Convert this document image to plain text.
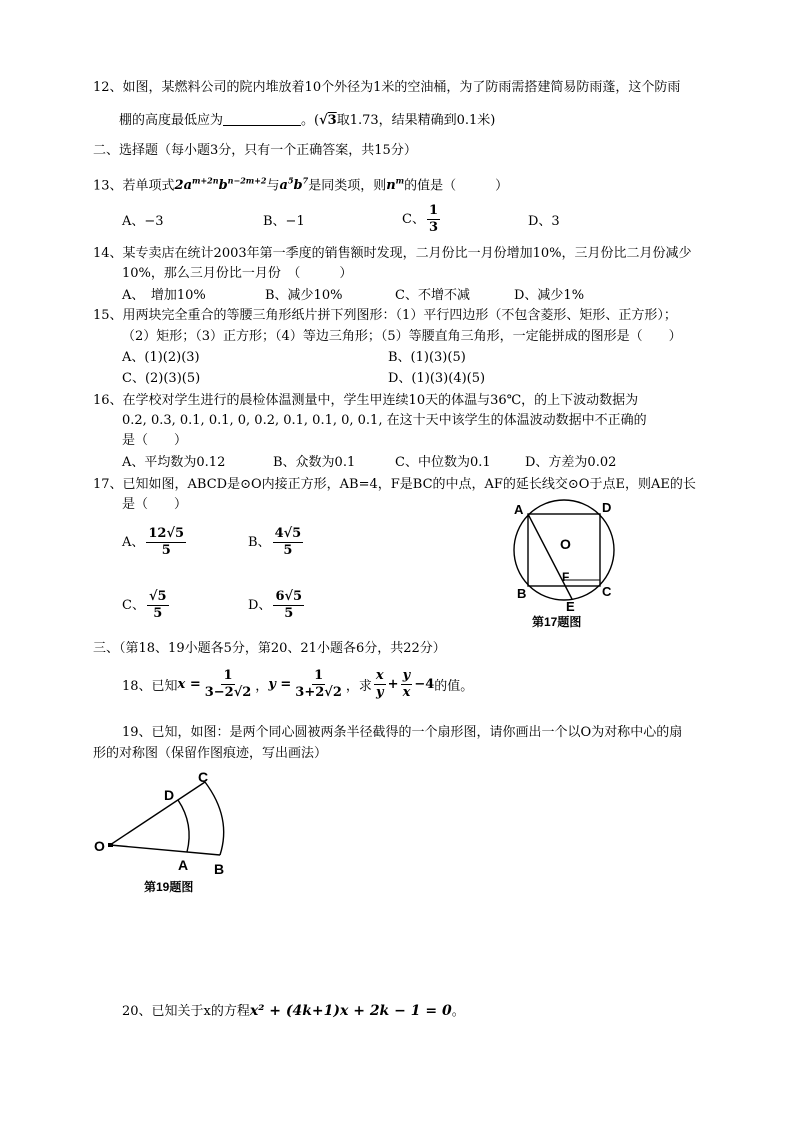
12、如图，某燃料公司的院内堆放着10个外径为1米的空油桶，为了防雨需搭建简易防雨蓬，这个防雨
棚的高度最低应为	。(√3取1.73，结果精确到0.1米)
二、选择题（每小题3分，只有一个正确答案，共15分）
13、若单项式$2a^{m+2n}b^{n-2m+2}$与$a^5b^7$是同类项，则$n^m$的值是（　　　）
A、−3	B、−1	C、 $\frac{1}{3}$	D、3
14、某专卖店在统计2003年第一季度的销售额时发现，二月份比一月份增加10%，三月份比二月份减少
10%，那么三月份比一月份　（　　　）
A、　增加10%	B、减少10%	C、不增不减	D、减少1%
15、用两块完全重合的等腰三角形纸片拼下列图形：（1）平行四边形（不包含菱形、矩形、正方形）；
（2）矩形；（3）正方形；（4）等边三角形；（5）等腰直角三角形，一定能拼成的图形是（　　）
A、(1)(2)(3)	B、(1)(3)(5)
C、(2)(3)(5)	D、(1)(3)(4)(5)
16、在学校对学生进行的晨检体温测量中，学生甲连续10天的体温与36℃，的上下波动数据为
0.2, 0.3, 0.1, 0.1, 0, 0.2, 0.1, 0.1, 0, 0.1, 在这十天中该学生的体温波动数据中不正确的
是（　　）
A、平均数为0.12	B、众数为0.1	C、中位数为0.1	D、方差为0.02
17、已知如图，ABCD是⊙O内接正方形，AB=4，F是BC的中点，AF的延长线交⊙O于点E，则AE的长
是（　　）
A、 $\frac{12√5}{5}$	B、 $\frac{4√5}{5}$
C、 $\frac{√5}{5}$	D、 $\frac{6√5}{5}$
A	D
O
F
B	C
E
第17题图
三、（第18、19小题各5分，第20、21小题各6分，共22分）
18、已知 $x = \frac{1}{3-2√2}$ ， $y = \frac{1}{3+2√2}$ ，求 $\frac{x}{y} + \frac{y}{x} -4$ 的值。
19、已知，如图：是两个同心圆被两条半径截得的一个扇形图，请你画出一个以O为对称中心的扇
形的对称图（保留作图痕迹，写出画法）
O
C
D
A B
第19题图
20、已知关于x的方程x² + (4k+1)x + 2k − 1 = 0。
